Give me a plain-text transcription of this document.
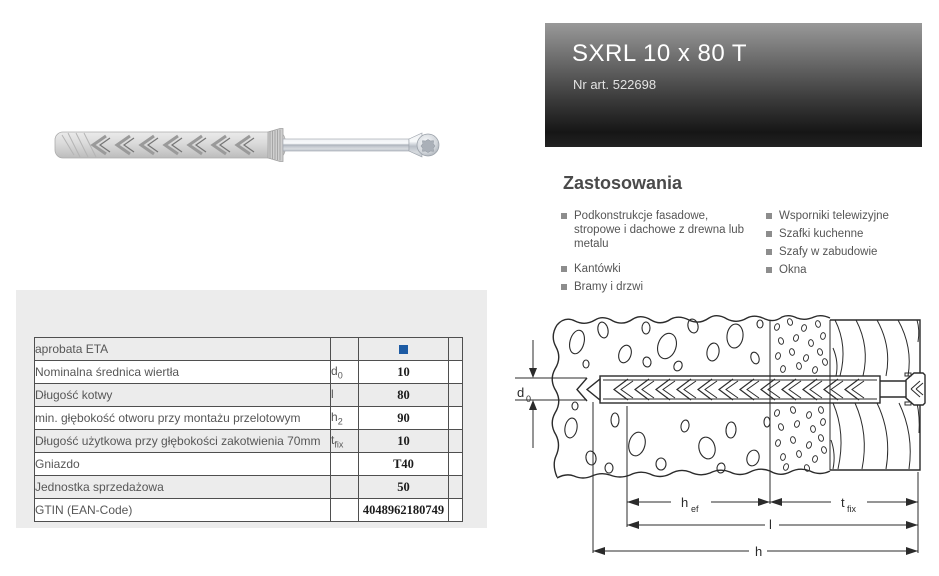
SXRL 10 x 80 T
Nr art. 522698
Zastosowania
Podkonstrukcje fasadowe, stropowe i dachowe z drewna lub metalu
Kantówki
Bramy i drzwi
Wsporniki telewizyjne
Szafki kuchenne
Szafy w zabudowie
Okna
aprobata ETA			
Nominalna średnica wiertła	$d_0$	10	
Długość kotwy	l	80	
min. głębokość otworu przy montażu przelotowym	$h_2$	90	
Długość użytkowa przy głębokości zakotwienia 70mm	$t_{fix}$	10	
Gniazdo		T40	
Jednostka sprzedażowa		50	
GTIN (EAN-Code)		4048962180749	
d 0
h ef	t fix
l
h
